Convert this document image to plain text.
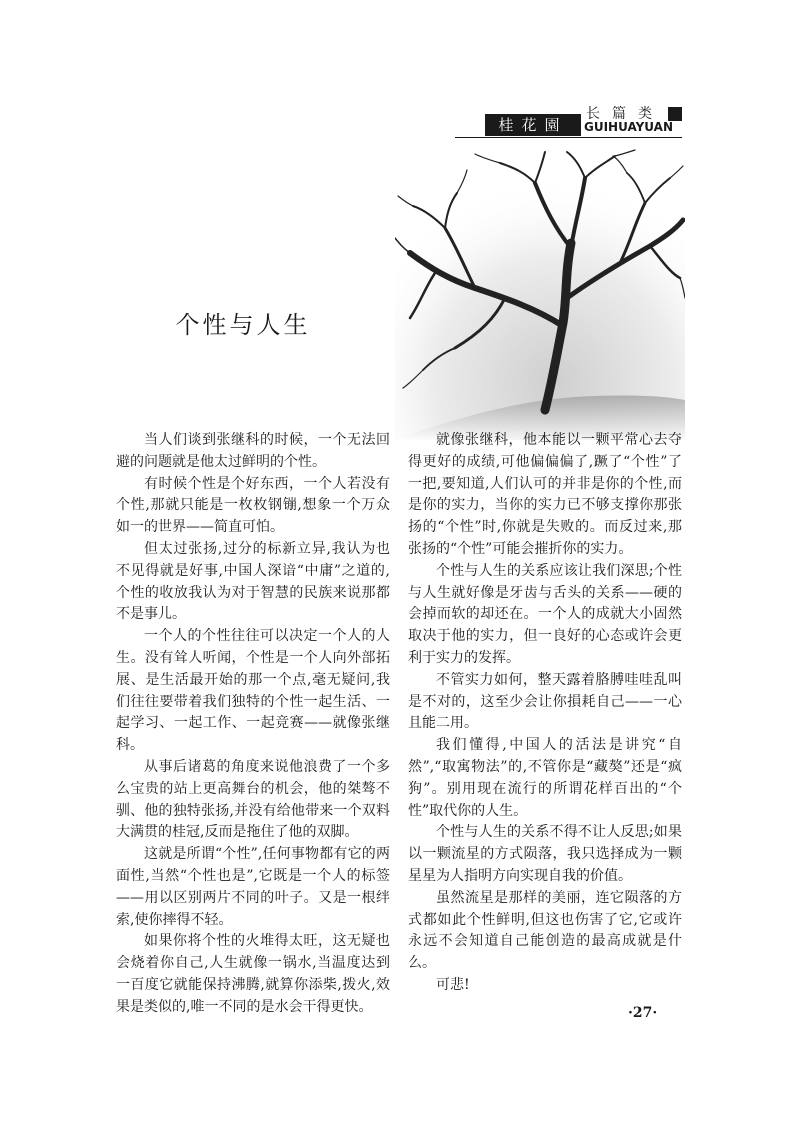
桂花園
长篇类
GUIHUAYUAN
个性与人生

当人们谈到张继科的时候，一个无法回避的问题就是他太过鲜明的个性。

有时候个性是个好东西，一个人若没有个性,那就只能是一枚枚钢镚,想象一个万众如一的世界——简直可怕。

但太过张扬,过分的标新立异,我认为也不见得就是好事,中国人深谙“中庸”之道的,个性的收放我认为对于智慧的民族来说那都不是事儿。

一个人的个性往往可以决定一个人的人生。没有耸人听闻，个性是一个人向外部拓展、是生活最开始的那一个点,毫无疑问,我们往往要带着我们独特的个性一起生活、一起学习、一起工作、一起竞赛——就像张继科。

从事后诸葛的角度来说他浪费了一个多么宝贵的站上更高舞台的机会，他的桀骜不驯、他的独特张扬,并没有给他带来一个双料大满贯的桂冠,反而是拖住了他的双脚。

这就是所谓“个性”,任何事物都有它的两面性,当然“个性也是”,它既是一个人的标签——用以区别两片不同的叶子。又是一根绊索,使你摔得不轻。

如果你将个性的火堆得太旺，这无疑也会烧着你自己,人生就像一锅水,当温度达到一百度它就能保持沸腾,就算你添柴,拨火,效果是类似的,唯一不同的是水会干得更快。

就像张继科，他本能以一颗平常心去夺得更好的成绩,可他偏偏偏了,蹶了“个性”了一把,要知道,人们认可的并非是你的个性,而是你的实力，当你的实力已不够支撑你那张扬的“个性”时,你就是失败的。而反过来,那张扬的“个性”可能会摧折你的实力。

个性与人生的关系应该让我们深思;个性与人生就好像是牙齿与舌头的关系——硬的会掉而软的却还在。一个人的成就大小固然取决于他的实力，但一良好的心态或许会更利于实力的发挥。

不管实力如何，整天露着胳膊哇哇乱叫是不对的，这至少会让你損耗自己——一心且能二用。

我们懂得,中国人的活法是讲究“自然”,“取寓物法”的,不管你是“藏獒”还是“疯狗”。别用现在流行的所谓花样百出的“个性”取代你的人生。

个性与人生的关系不得不让人反思;如果以一颗流星的方式陨落，我只选择成为一颗星星为人指明方向实现自我的价值。

虽然流星是那样的美丽，连它陨落的方式都如此个性鲜明,但这也伤害了它,它或许永远不会知道自己能创造的最高成就是什么。

可悲!

·27·
